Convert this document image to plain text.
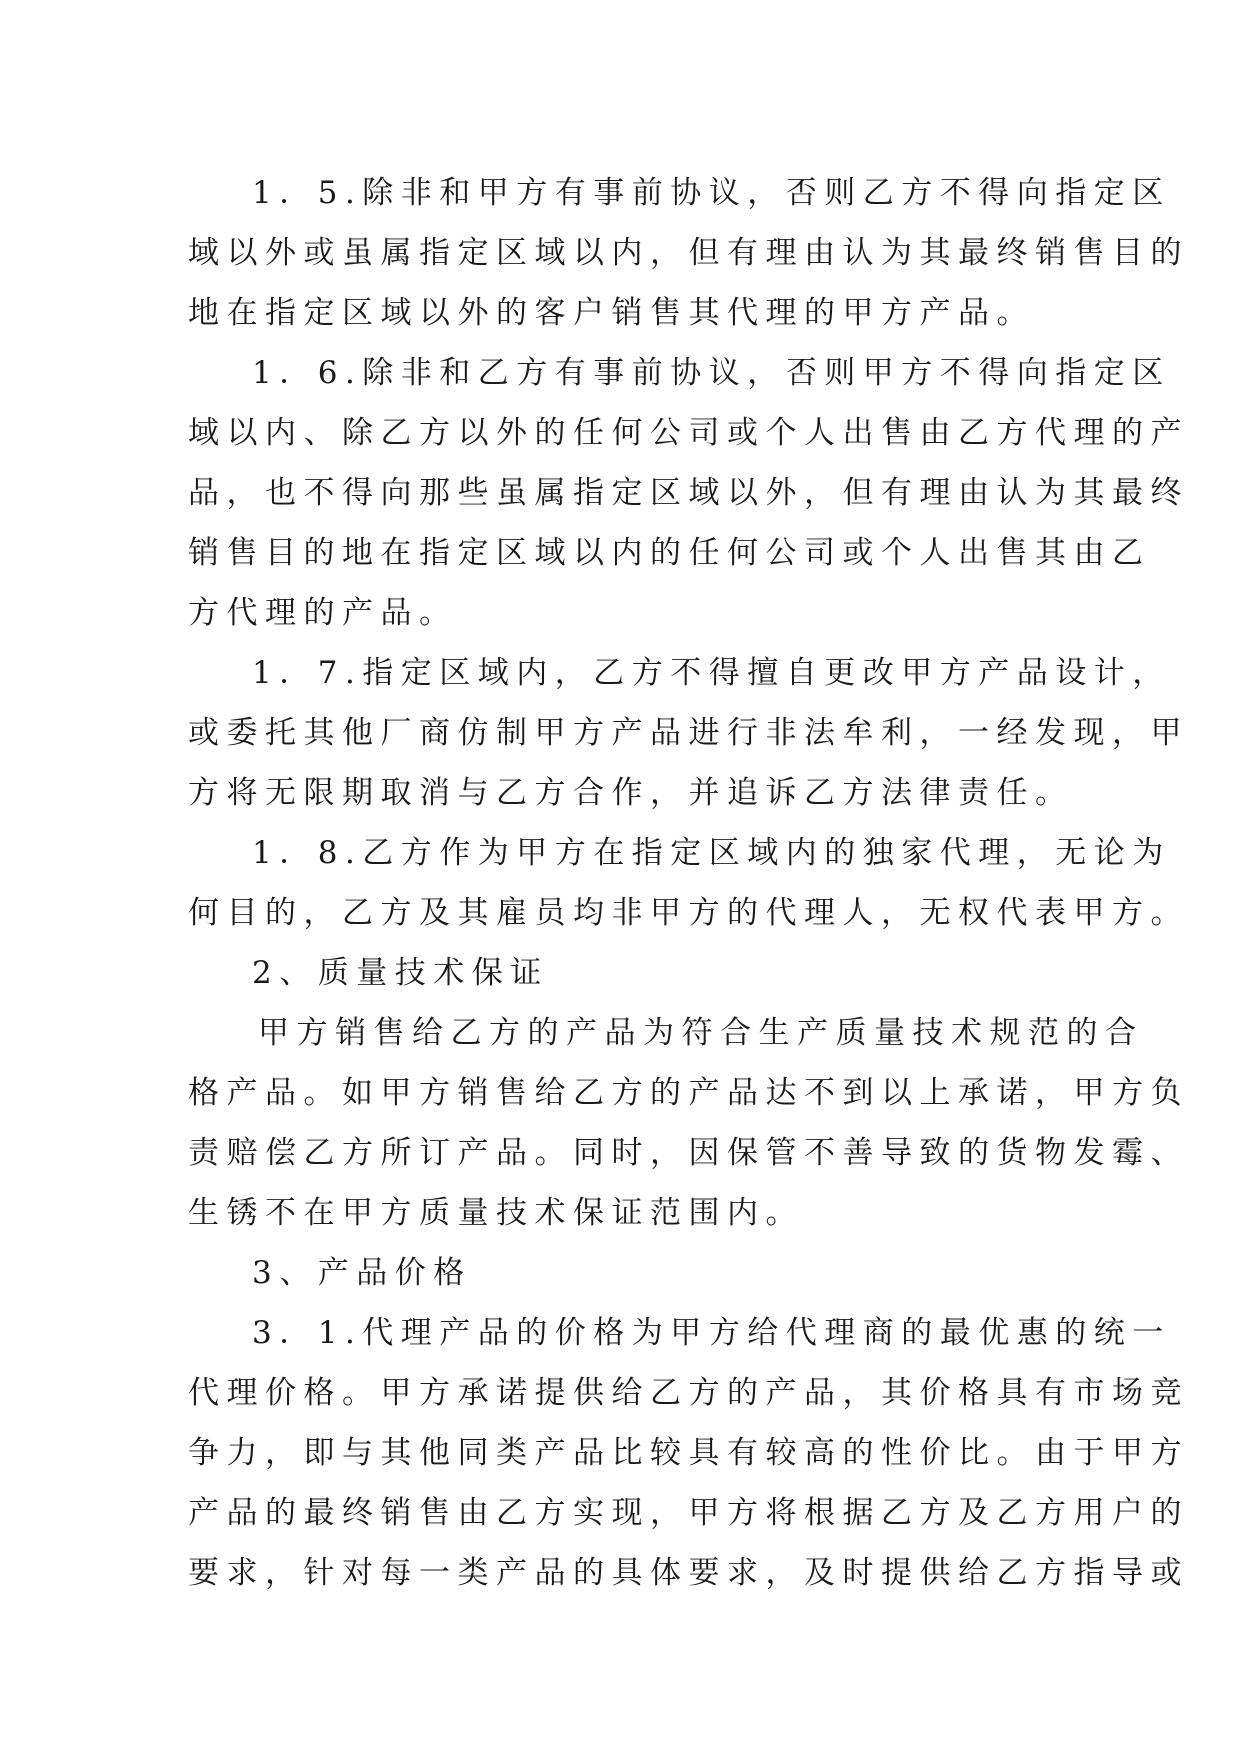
1．5.除非和甲方有事前协议，否则乙方不得向指定区
域以外或虽属指定区域以内，但有理由认为其最终销售目的
地在指定区域以外的客户销售其代理的甲方产品。
1．6.除非和乙方有事前协议，否则甲方不得向指定区
域以内、除乙方以外的任何公司或个人出售由乙方代理的产
品，也不得向那些虽属指定区域以外，但有理由认为其最终
销售目的地在指定区域以内的任何公司或个人出售其由乙
方代理的产品。
1．7.指定区域内，乙方不得擅自更改甲方产品设计，
或委托其他厂商仿制甲方产品进行非法牟利，一经发现，甲
方将无限期取消与乙方合作，并追诉乙方法律责任。
1．8.乙方作为甲方在指定区域内的独家代理，无论为
何目的，乙方及其雇员均非甲方的代理人，无权代表甲方。
2、质量技术保证
甲方销售给乙方的产品为符合生产质量技术规范的合
格产品。如甲方销售给乙方的产品达不到以上承诺，甲方负
责赔偿乙方所订产品。同时，因保管不善导致的货物发霉、
生锈不在甲方质量技术保证范围内。
3、产品价格
3．1.代理产品的价格为甲方给代理商的最优惠的统一
代理价格。甲方承诺提供给乙方的产品，其价格具有市场竞
争力，即与其他同类产品比较具有较高的性价比。由于甲方
产品的最终销售由乙方实现，甲方将根据乙方及乙方用户的
要求，针对每一类产品的具体要求，及时提供给乙方指导或
